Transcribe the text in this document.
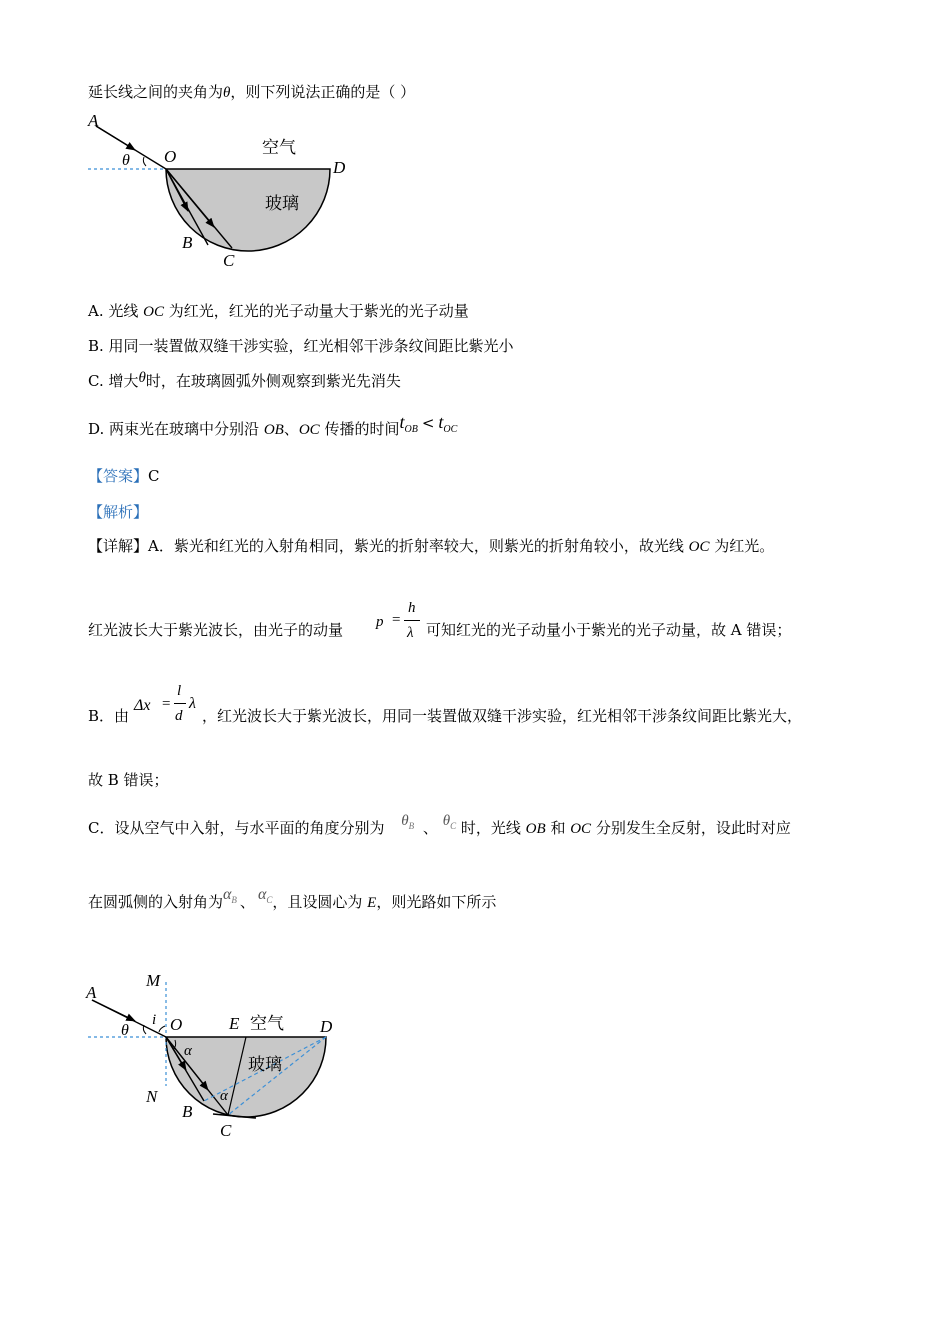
延长线之间的夹角为θ，则下列说法正确的是（ ）
A
θ O
D
B
C
空气
玻璃
A. 光线 OC 为红光，红光的光子动量大于紫光的光子动量
B. 用同一装置做双缝干涉实验，红光相邻干涉条纹间距比紫光小
C. 增大θ时，在玻璃圆弧外侧观察到紫光先消失
D. 两束光在玻璃中分别沿 OB、OC 传播的时间$t_{OB} < t_{OC}$
【答案】C
【解析】
【详解】A．紫光和红光的入射角相同，紫光的折射率较大，则紫光的折射角较小，故光线 OC 为红光。
红光波长大于紫光波长，由光子的动量 p =
h
λ 可知红光的光子动量小于紫光的光子动量，故 A 错误；
B．由
Δx =
l
d
λ
，红光波长大于紫光波长，用同一装置做双缝干涉实验，红光相邻干涉条纹间距比紫光大，
故 B 错误；
C．设从空气中入射，与水平面的角度分别为 $\theta_B$ 、 $\theta_C$ 时，光线 OB 和 OC 分别发生全反射，设此时对应
在圆弧侧的入射角为$\alpha_B$ 、 $\alpha_C$，且设圆心为 E，则光路如下所示
A
M
N
i
θ O	E	D
B
C
α
α
空气
玻璃
